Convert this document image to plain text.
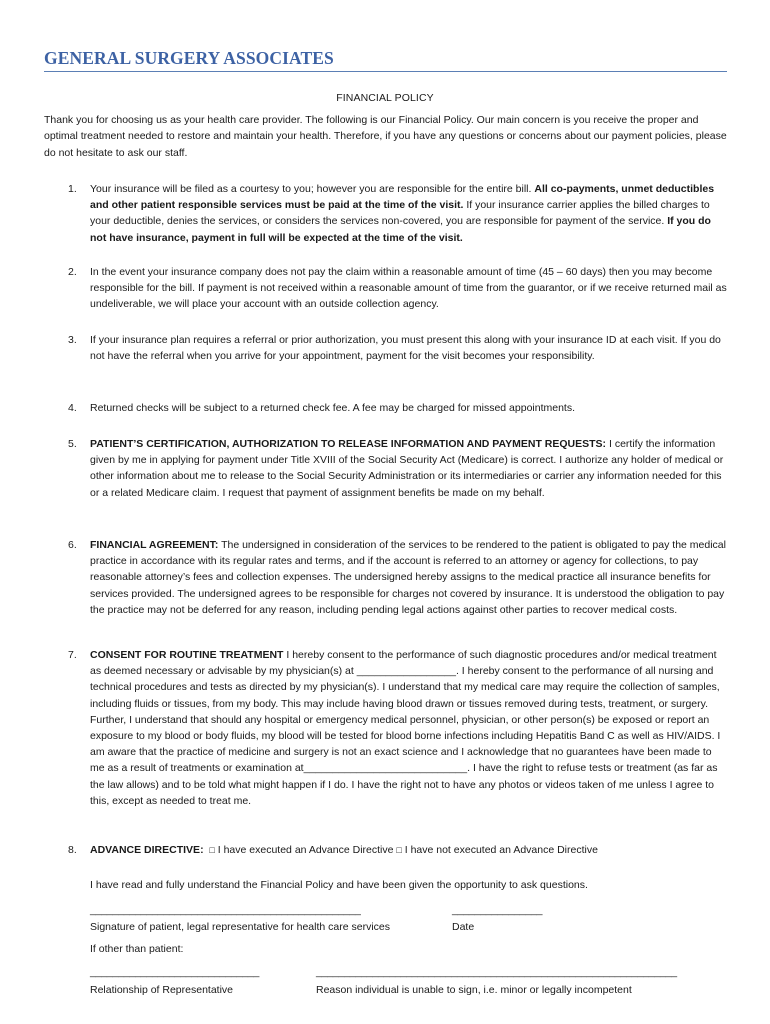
GENERAL SURGERY ASSOCIATES
FINANCIAL POLICY

Thank you for choosing us as your health care provider. The following is our Financial Policy. Our main concern is you receive the proper and optimal treatment needed to restore and maintain your health. Therefore, if you have any questions or concerns about our payment policies, please do not hesitate to ask our staff.

1. Your insurance will be filed as a courtesy to you; however you are responsible for the entire bill. All co-payments, unmet deductibles and other patient responsible services must be paid at the time of the visit. If your insurance carrier applies the billed charges to your deductible, denies the services, or considers the services non-covered, you are responsible for payment of the service. If you do not have insurance, payment in full will be expected at the time of the visit.
2. In the event your insurance company does not pay the claim within a reasonable amount of time (45 – 60 days) then you may become responsible for the bill. If payment is not received within a reasonable amount of time from the guarantor, or if we receive returned mail as undeliverable, we will place your account with an outside collection agency.
3. If your insurance plan requires a referral or prior authorization, you must present this along with your insurance ID at each visit. If you do not have the referral when you arrive for your appointment, payment for the visit becomes your responsibility.
4. Returned checks will be subject to a returned check fee. A fee may be charged for missed appointments.
5. PATIENT’S CERTIFICATION, AUTHORIZATION TO RELEASE INFORMATION AND PAYMENT REQUESTS: I certify the information given by me in applying for payment under Title XVIII of the Social Security Act (Medicare) is correct. I authorize any holder of medical or other information about me to release to the Social Security Administration or its intermediaries or carrier any information needed for this or a related Medicare claim. I request that payment of assignment benefits be made on my behalf.
6. FINANCIAL AGREEMENT: The undersigned in consideration of the services to be rendered to the patient is obligated to pay the medical practice in accordance with its regular rates and terms, and if the account is referred to an attorney or agency for collections, to pay reasonable attorney’s fees and collection expenses. The undersigned hereby assigns to the medical practice all insurance benefits for services provided. The undersigned agrees to be responsible for charges not covered by insurance. It is understood the obligation to pay the practice may not be deferred for any reason, including pending legal actions against other parties to recover medical costs.
7. CONSENT FOR ROUTINE TREATMENT I hereby consent to the performance of such diagnostic procedures and/or medical treatment as deemed necessary or advisable by my physician(s) at _________________. I hereby consent to the performance of all nursing and technical procedures and tests as directed by my physician(s). I understand that my medical care may require the collection of samples, including fluids or tissues, from my body. This may include having blood drawn or tissues removed during tests, treatment, or surgery. Further, I understand that should any hospital or emergency medical personnel, physician, or other person(s) be exposed or report an exposure to my blood or body fluids, my blood will be tested for blood borne infections including Hepatitis Band C as well as HIV/AIDS. I am aware that the practice of medicine and surgery is not an exact science and I acknowledge that no guarantees have been made to me as a result of treatments or examination at____________________________. I have the right to refuse tests or treatment (as far as the law allows) and to be told what might happen if I do. I have the right not to have any photos or videos taken of me unless I agree to this, except as needed to treat me.
8. ADVANCE DIRECTIVE: □ I have executed an Advance Directive □ I have not executed an Advance Directive
I have read and fully understand the Financial Policy and have been given the opportunity to ask questions.
________________________________________________	________________
Signature of patient, legal representative for health care services	Date
If other than patient:
______________________________	________________________________________________________________
Relationship of Representative	Reason individual is unable to sign, i.e. minor or legally incompetent
